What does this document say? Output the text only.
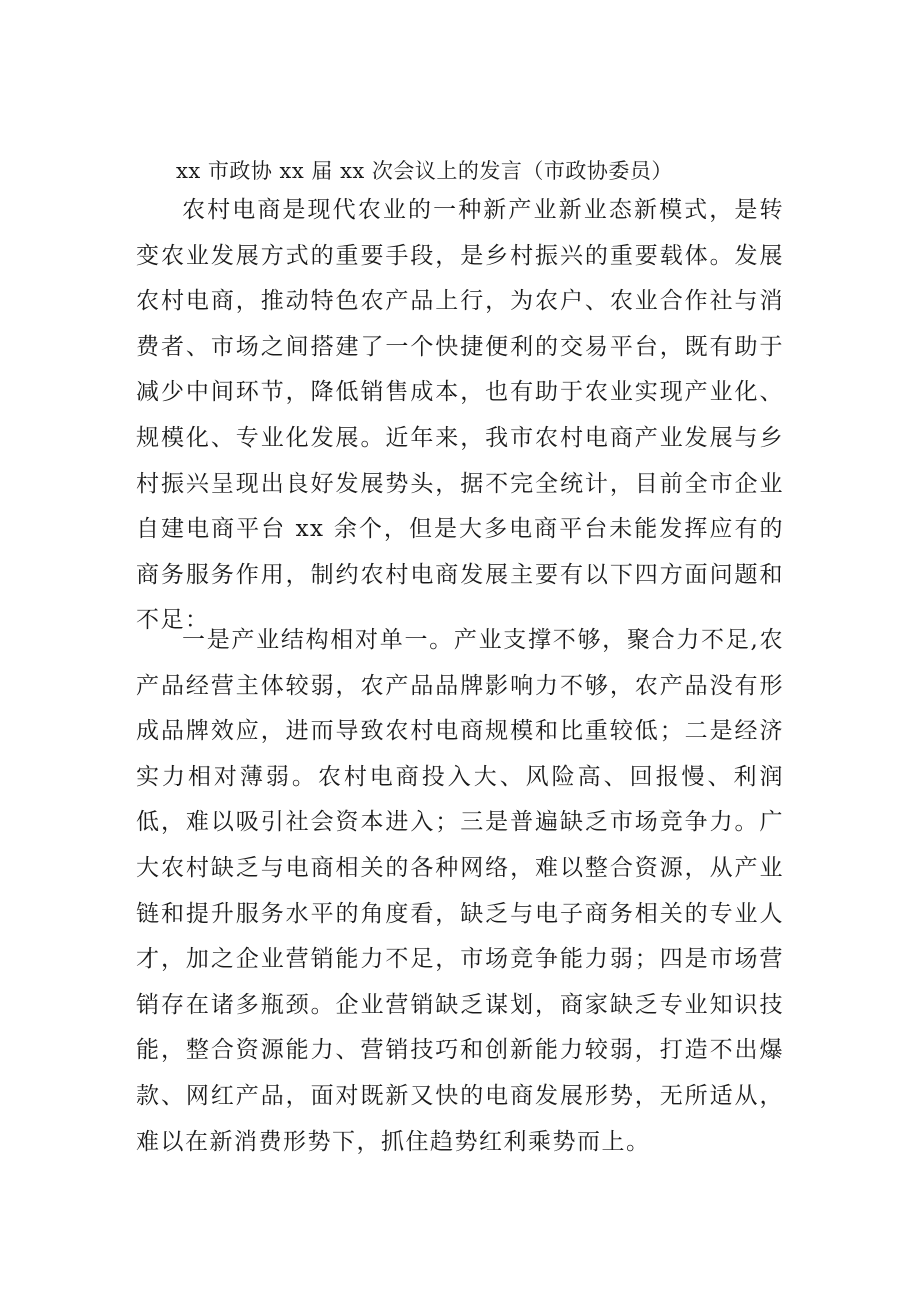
xx 市政协 xx 届 xx 次会议上的发言（市政协委员）

农村电商是现代农业的一种新产业新业态新模式，是转变农业发展方式的重要手段，是乡村振兴的重要载体。发展农村电商，推动特色农产品上行，为农户、农业合作社与消费者、市场之间搭建了一个快捷便利的交易平台，既有助于减少中间环节，降低销售成本，也有助于农业实现产业化、规模化、专业化发展。近年来，我市农村电商产业发展与乡村振兴呈现出良好发展势头，据不完全统计，目前全市企业自建电商平台 xx 余个，但是大多电商平台未能发挥应有的商务服务作用，制约农村电商发展主要有以下四方面问题和不足：

一是产业结构相对单一。产业支撑不够，聚合力不足,农产品经营主体较弱，农产品品牌影响力不够，农产品没有形成品牌效应，进而导致农村电商规模和比重较低；二是经济实力相对薄弱。农村电商投入大、风险高、回报慢、利润低，难以吸引社会资本进入；三是普遍缺乏市场竞争力。广大农村缺乏与电商相关的各种网络，难以整合资源，从产业链和提升服务水平的角度看，缺乏与电子商务相关的专业人才，加之企业营销能力不足，市场竞争能力弱；四是市场营销存在诸多瓶颈。企业营销缺乏谋划，商家缺乏专业知识技能，整合资源能力、营销技巧和创新能力较弱，打造不出爆款、网红产品，面对既新又快的电商发展形势，无所适从，难以在新消费形势下，抓住趋势红利乘势而上。
